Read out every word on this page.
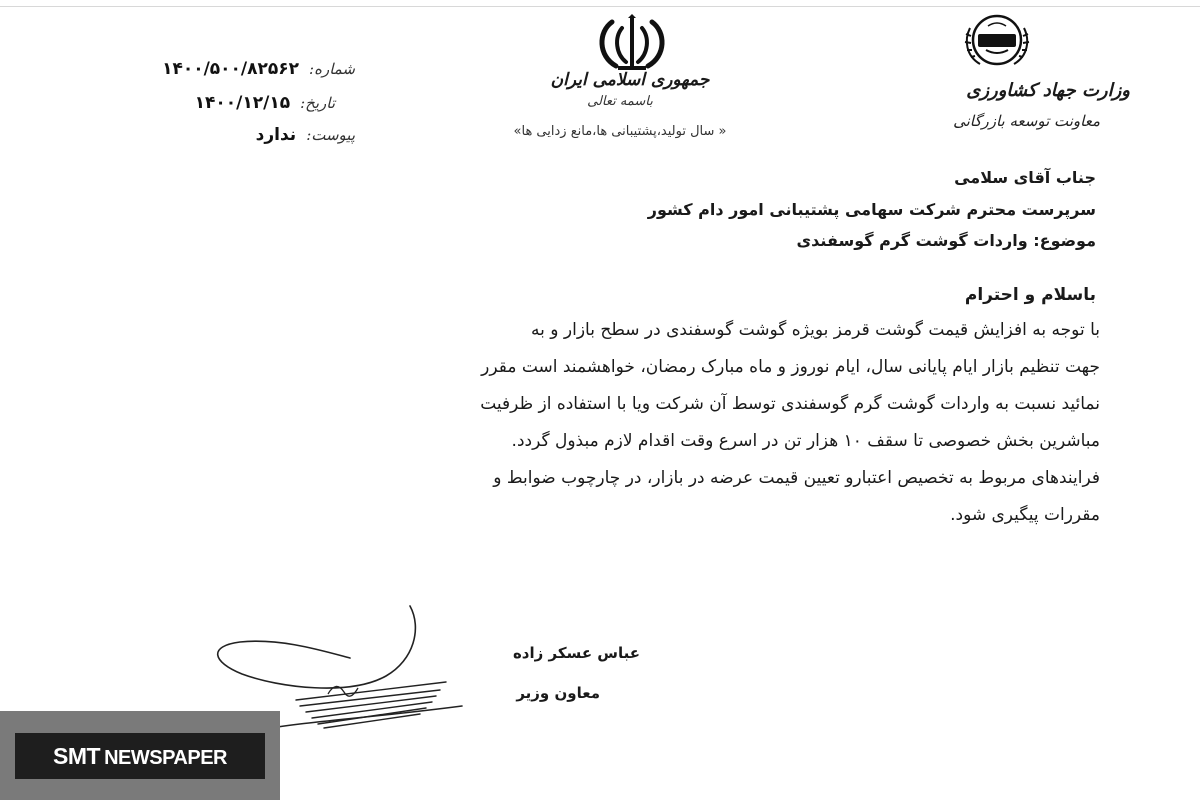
شماره:
۱۴۰۰/۵۰۰/۸۲۵۶۲
تاریخ:
۱۴۰۰/۱۲/۱۵
پیوست:
ندارد
جمهوری اسلامی ایران
باسمه تعالی
« سال تولید،پشتیبانی ها،مانع زدایی ها»
وزارت جهاد کشاورزی
معاونت توسعه بازرگانی
جناب آقای سلامی
سرپرست محترم شرکت سهامی پشتیبانی امور دام کشور
موضوع: واردات گوشت گرم گوسفندی
باسلام و احترام
با توجه به افزایش قیمت گوشت قرمز بویژه گوشت گوسفندی در سطح بازار و به
جهت تنظیم بازار ایام پایانی سال، ایام نوروز و ماه مبارک رمضان، خواهشمند است مقرر
نمائید نسبت به واردات گوشت گرم گوسفندی توسط آن شرکت ویا با استفاده از ظرفیت
مباشرین بخش خصوصی تا سقف ۱۰ هزار تن در اسرع وقت اقدام لازم مبذول گردد.
فرایندهای مربوط به تخصیص اعتبارو تعیین قیمت عرضه در بازار، در چارچوب ضوابط و
مقررات پیگیری شود.
عباس عسکر زاده
معاون وزیر
SMT NEWSPAPER
